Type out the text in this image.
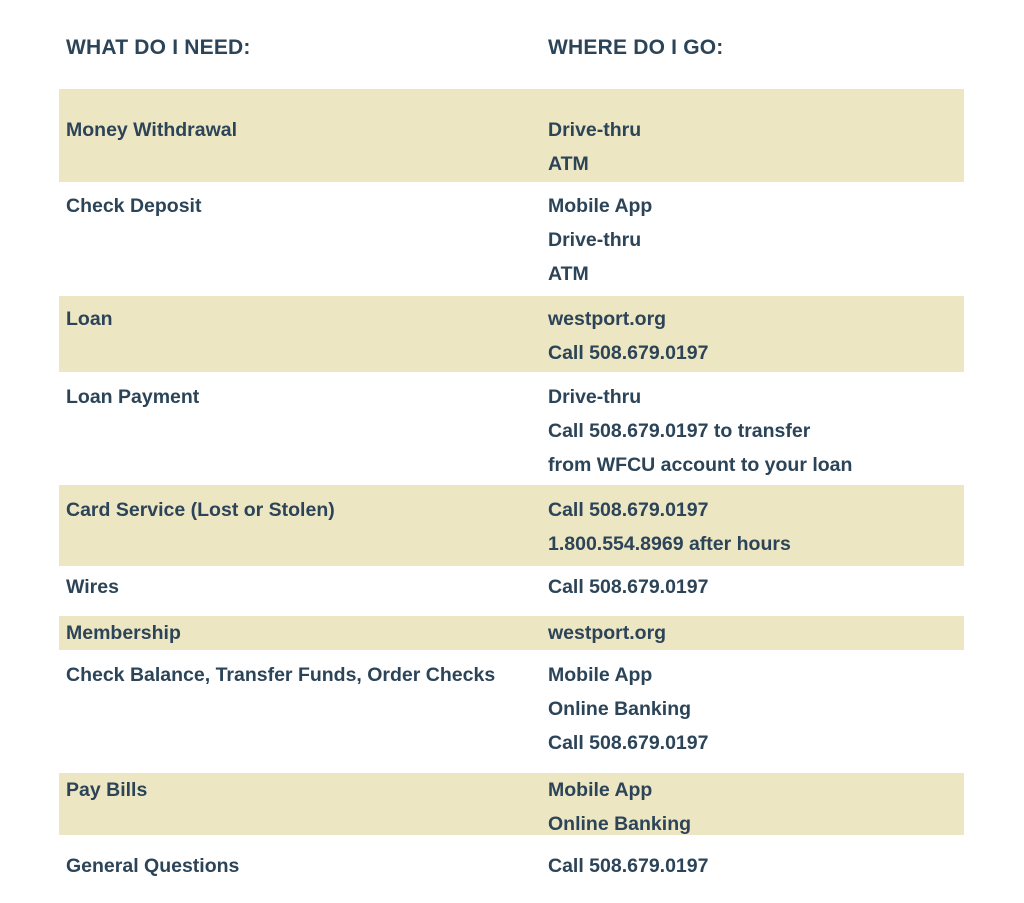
WHAT DO I NEED:	WHERE DO I GO:
Money Withdrawal	Drive-thru
ATM
Check Deposit	Mobile App
Drive-thru
ATM
Loan	westport.org
Call 508.679.0197
Loan Payment	Drive-thru
Call 508.679.0197 to transfer
from WFCU account to your loan
Card Service (Lost or Stolen)	Call 508.679.0197
1.800.554.8969 after hours
Wires	Call 508.679.0197
Membership	westport.org
Check Balance, Transfer Funds, Order Checks	Mobile App
Online Banking
Call 508.679.0197
Pay Bills	Mobile App
Online Banking
General Questions	Call 508.679.0197
